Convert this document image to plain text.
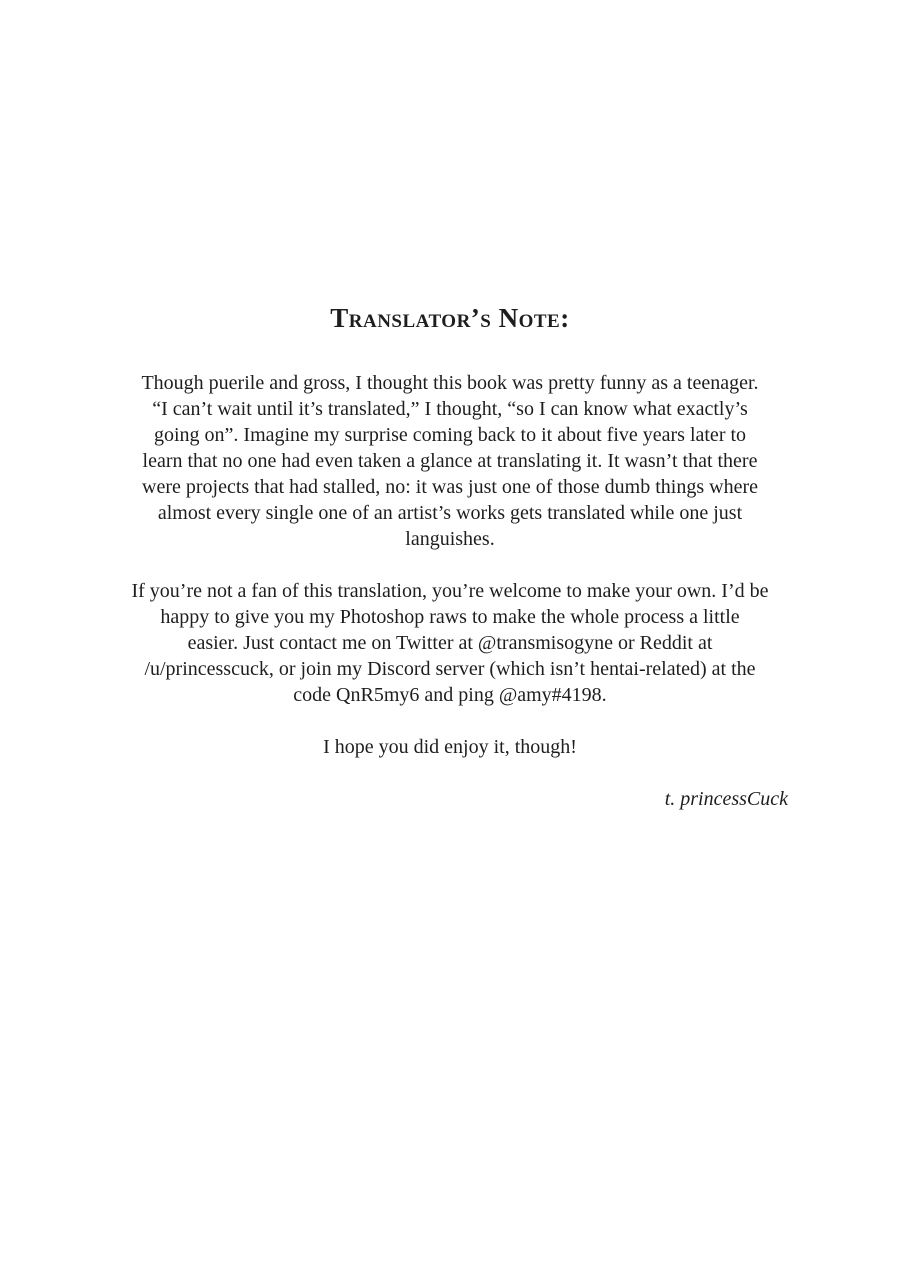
Translator’s Note:
Though puerile and gross, I thought this book was pretty funny as a teenager.
“I can’t wait until it’s translated,” I thought, “so I can know what exactly’s
going on”. Imagine my surprise coming back to it about five years later to
learn that no one had even taken a glance at translating it. It wasn’t that there
were projects that had stalled, no: it was just one of those dumb things where
almost every single one of an artist’s works gets translated while one just
languishes.
If you’re not a fan of this translation, you’re welcome to make your own. I’d be
happy to give you my Photoshop raws to make the whole process a little
easier. Just contact me on Twitter at @transmisogyne or Reddit at
/u/princesscuck, or join my Discord server (which isn’t hentai-related) at the
code QnR5my6 and ping @amy#4198.
I hope you did enjoy it, though!
t. princessCuck
